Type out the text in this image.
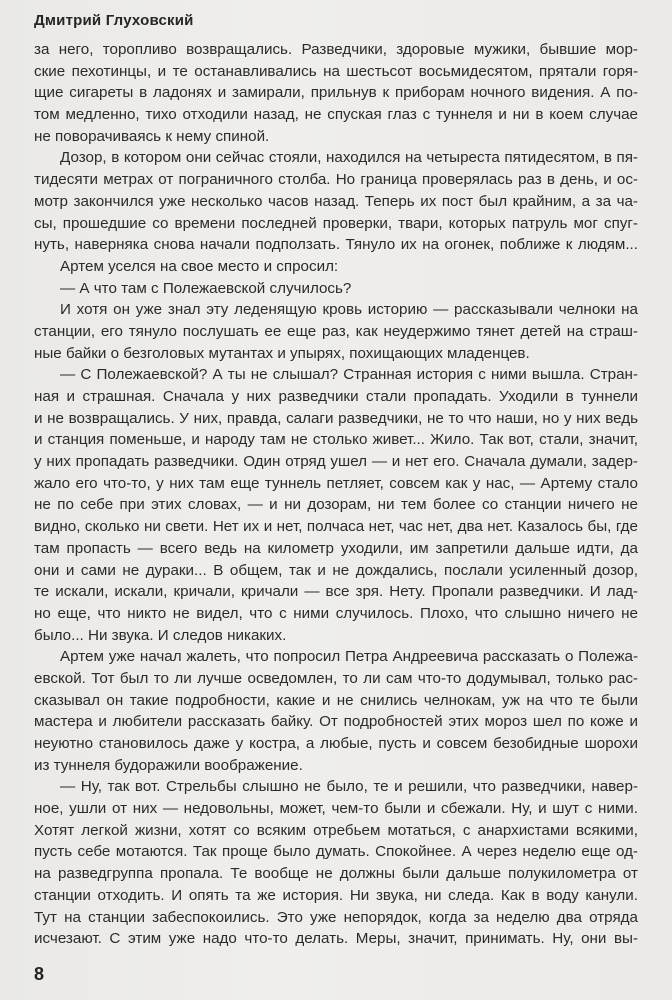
Дмитрий Глуховский
за него, торопливо возвращались. Разведчики, здоровые мужики, бывшие мор-
ские пехотинцы, и те останавливались на шестьсот восьмидесятом, прятали горя-
щие сигареты в ладонях и замирали, прильнув к приборам ночного видения. А по-
том медленно, тихо отходили назад, не спуская глаз с туннеля и ни в коем случае
не поворачиваясь к нему спиной.
Дозор, в котором они сейчас стояли, находился на четыреста пятидесятом, в пя-
тидесяти метрах от пограничного столба. Но граница проверялась раз в день, и ос-
мотр закончился уже несколько часов назад. Теперь их пост был крайним, а за ча-
сы, прошедшие со времени последней проверки, твари, которых патруль мог спуг-
нуть, наверняка снова начали подползать. Тянуло их на огонек, поближе к людям...
Артем уселся на свое место и спросил:
— А что там с Полежаевской случилось?
И хотя он уже знал эту леденящую кровь историю — рассказывали челноки на
станции, его тянуло послушать ее еще раз, как неудержимо тянет детей на страш-
ные байки о безголовых мутантах и упырях, похищающих младенцев.
— С Полежаевской? А ты не слышал? Странная история с ними вышла. Стран-
ная и страшная. Сначала у них разведчики стали пропадать. Уходили в туннели
и не возвращались. У них, правда, салаги разведчики, не то что наши, но у них ведь
и станция поменьше, и народу там не столько живет... Жило. Так вот, стали, значит,
у них пропадать разведчики. Один отряд ушел — и нет его. Сначала думали, задер-
жало его что-то, у них там еще туннель петляет, совсем как у нас, — Артему стало
не по себе при этих словах, — и ни дозорам, ни тем более со станции ничего не
видно, сколько ни свети. Нет их и нет, полчаса нет, час нет, два нет. Казалось бы, где
там пропасть — всего ведь на километр уходили, им запретили дальше идти, да
они и сами не дураки... В общем, так и не дождались, послали усиленный дозор,
те искали, искали, кричали, кричали — все зря. Нету. Пропали разведчики. И лад-
но еще, что никто не видел, что с ними случилось. Плохо, что слышно ничего не
было... Ни звука. И следов никаких.
Артем уже начал жалеть, что попросил Петра Андреевича рассказать о Полежа-
евской. Тот был то ли лучше осведомлен, то ли сам что-то додумывал, только рас-
сказывал он такие подробности, какие и не снились челнокам, уж на что те были
мастера и любители рассказать байку. От подробностей этих мороз шел по коже и
неуютно становилось даже у костра, а любые, пусть и совсем безобидные шорохи
из туннеля будоражили воображение.
— Ну, так вот. Стрельбы слышно не было, те и решили, что разведчики, навер-
ное, ушли от них — недовольны, может, чем-то были и сбежали. Ну, и шут с ними.
Хотят легкой жизни, хотят со всяким отребьем мотаться, с анархистами всякими,
пусть себе мотаются. Так проще было думать. Спокойнее. А через неделю еще од-
на разведгруппа пропала. Те вообще не должны были дальше полукилометра от
станции отходить. И опять та же история. Ни звука, ни следа. Как в воду канули.
Тут на станции забеспокоились. Это уже непорядок, когда за неделю два отряда
исчезают. С этим уже надо что-то делать. Меры, значит, принимать. Ну, они вы-
8
